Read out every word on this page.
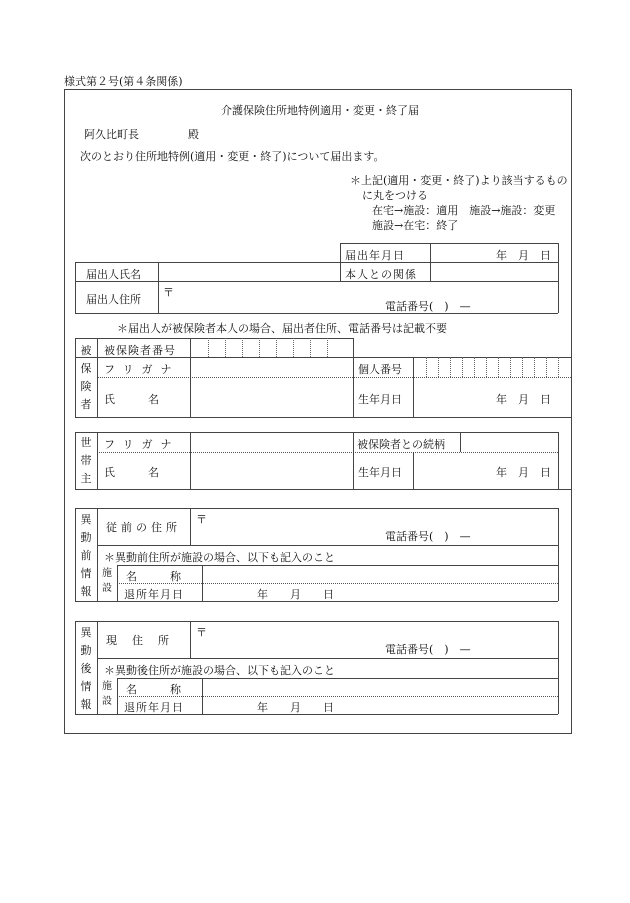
様式第２号(第４条関係)
介護保険住所地特例適用・変更・終了届
阿久比町長	殿
次のとおり住所地特例(適用・変更・終了)について届出ます。
＊上記(適用・変更・終了)より該当するもの
に丸をつける
在宅→施設：適用　施設→施設：変更
施設→在宅：終了
届出年月日	年　月　日
届出人氏名	本人との関係
届出人住所
〒
電話番号(　)　—
＊届出人が被保険者本人の場合、届出者住所、電話番号は記載不要
被
保
険
者
被保険者番号
フリガナ	個人番号
氏　　　名	生年月日	年　月　日
世
帯
主
フリガナ	被保険者との続柄
氏　　　名	生年月日	年　月　日
異
動
前
情
報
従前の住所
〒
電話番号(　)　—
＊異動前住所が施設の場合、以下も記入のこと
施
設
名　　　称
退所年月日	年　　月　　日
異
動
後
情
報
現　住　所
〒
電話番号(　)　—
＊異動後住所が施設の場合、以下も記入のこと
施
設
名　　　称
退所年月日	年　　月　　日
